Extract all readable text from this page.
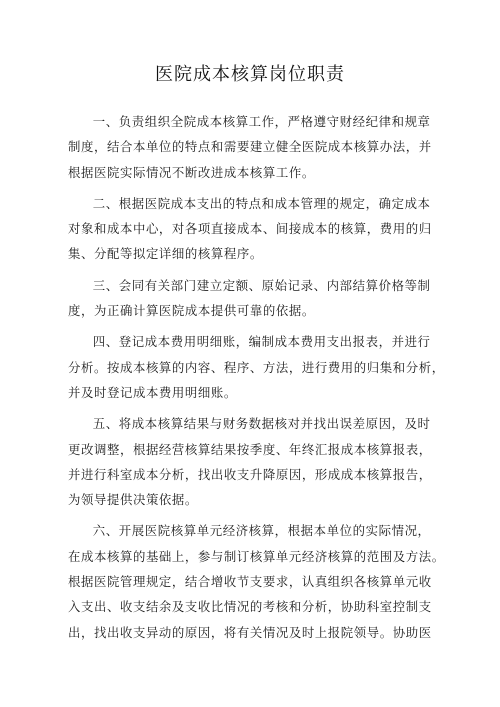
医院成本核算岗位职责

一、负责组织全院成本核算工作，严格遵守财经纪律和规章
制度，结合本单位的特点和需要建立健全医院成本核算办法，并
根据医院实际情况不断改进成本核算工作。

二、根据医院成本支出的特点和成本管理的规定，确定成本
对象和成本中心，对各项直接成本、间接成本的核算，费用的归
集、分配等拟定详细的核算程序。

三、会同有关部门建立定额、原始记录、内部结算价格等制
度，为正确计算医院成本提供可靠的依据。

四、登记成本费用明细账，编制成本费用支出报表，并进行
分析。按成本核算的内容、程序、方法，进行费用的归集和分析，
并及时登记成本费用明细账。

五、将成本核算结果与财务数据核对并找出误差原因，及时
更改调整，根据经营核算结果按季度、年终汇报成本核算报表，
并进行科室成本分析，找出收支升降原因，形成成本核算报告，
为领导提供决策依据。

六、开展医院核算单元经济核算，根据本单位的实际情况，
在成本核算的基础上，参与制订核算单元经济核算的范围及方法。
根据医院管理规定，结合增收节支要求，认真组织各核算单元收
入支出、收支结余及支收比情况的考核和分析，协助科室控制支
出，找出收支异动的原因，将有关情况及时上报院领导。协助医
